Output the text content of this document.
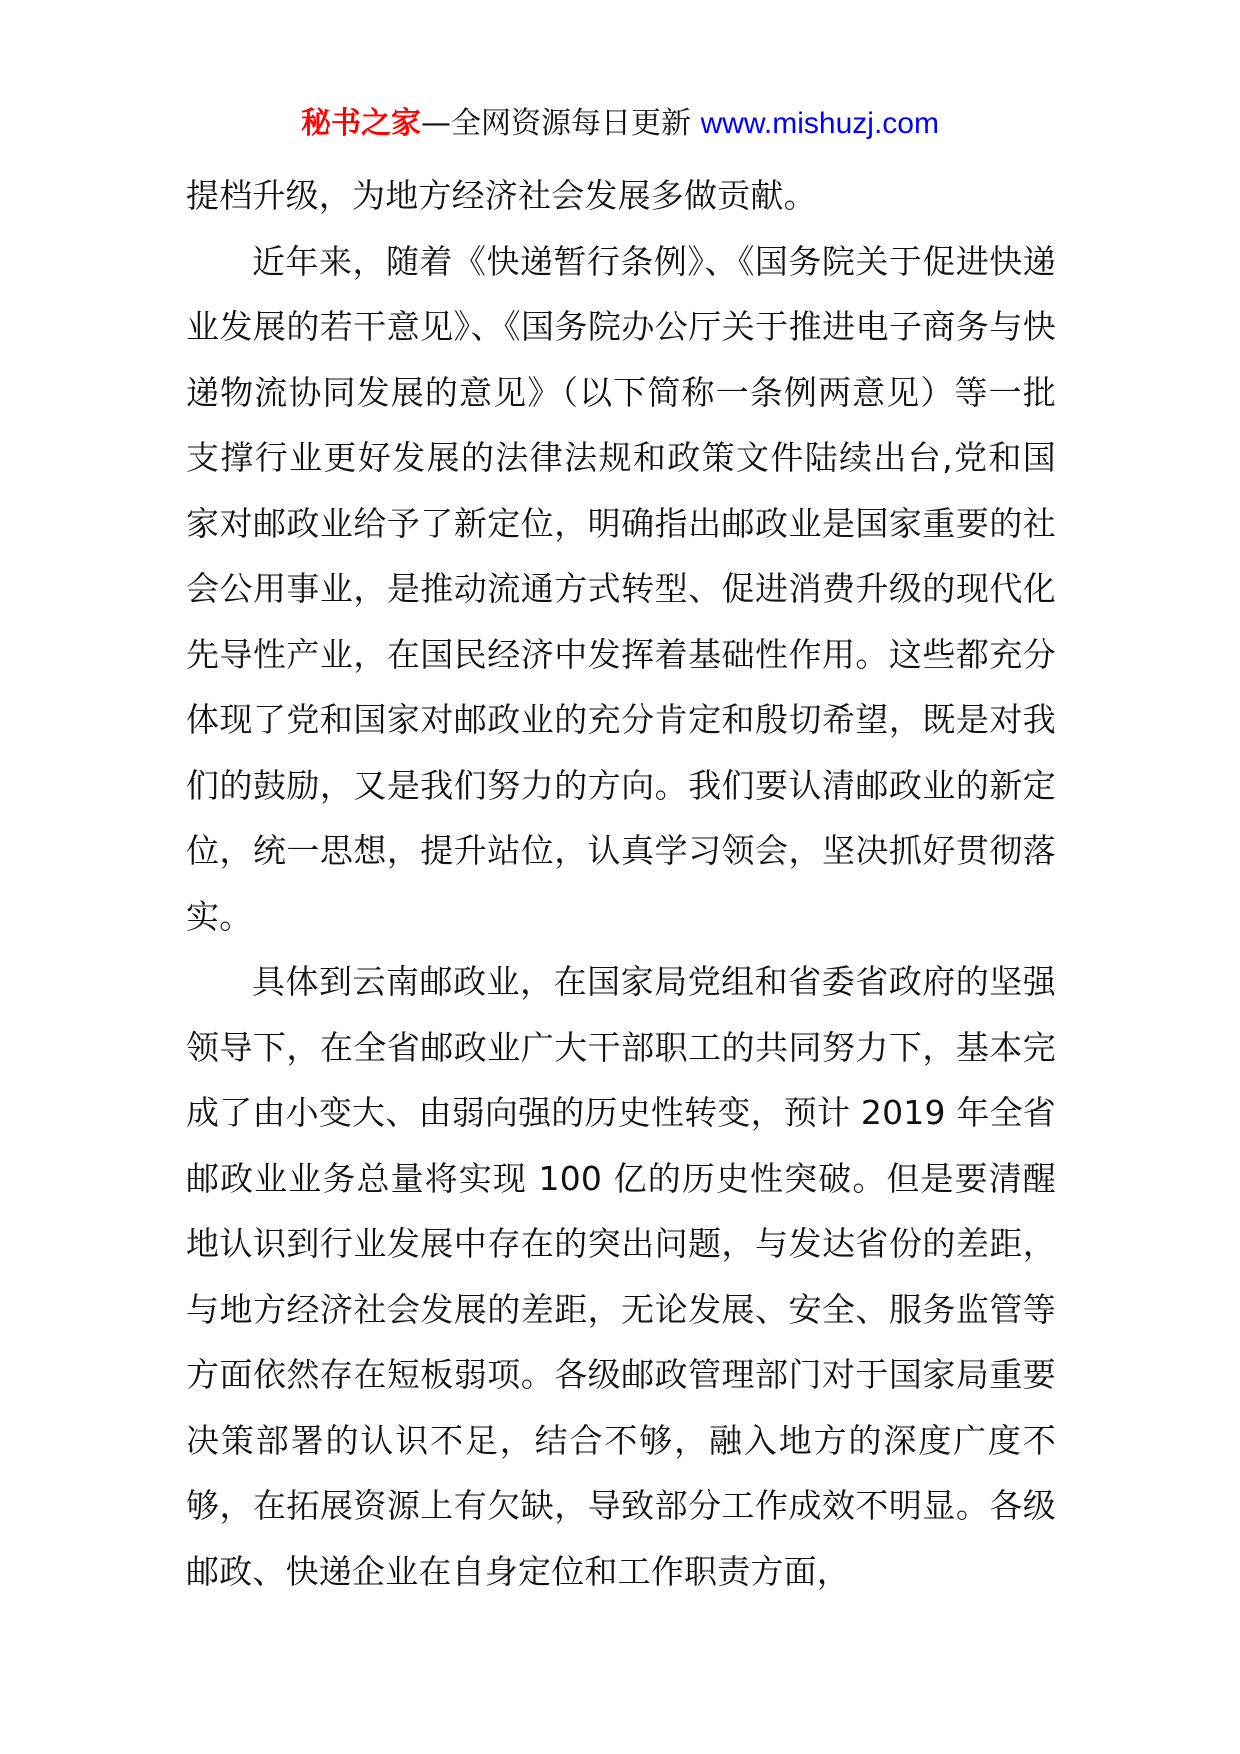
秘书之家—全网资源每日更新 www.mishuzj.com

提档升级，为地方经济社会发展多做贡献。

近年来，随着《快递暂行条例》、《国务院关于促进快递业发展的若干意见》、《国务院办公厅关于推进电子商务与快递物流协同发展的意见》（以下简称一条例两意见）等一批支撑行业更好发展的法律法规和政策文件陆续出台,党和国家对邮政业给予了新定位，明确指出邮政业是国家重要的社会公用事业，是推动流通方式转型、促进消费升级的现代化先导性产业，在国民经济中发挥着基础性作用。这些都充分体现了党和国家对邮政业的充分肯定和殷切希望，既是对我们的鼓励，又是我们努力的方向。我们要认清邮政业的新定位，统一思想，提升站位，认真学习领会，坚决抓好贯彻落实。

具体到云南邮政业，在国家局党组和省委省政府的坚强领导下，在全省邮政业广大干部职工的共同努力下，基本完成了由小变大、由弱向强的历史性转变，预计 2019 年全省邮政业业务总量将实现 100 亿的历史性突破。但是要清醒地认识到行业发展中存在的突出问题，与发达省份的差距，与地方经济社会发展的差距，无论发展、安全、服务监管等方面依然存在短板弱项。各级邮政管理部门对于国家局重要决策部署的认识不足，结合不够，融入地方的深度广度不够，在拓展资源上有欠缺，导致部分工作成效不明显。各级邮政、快递企业在自身定位和工作职责方面，
